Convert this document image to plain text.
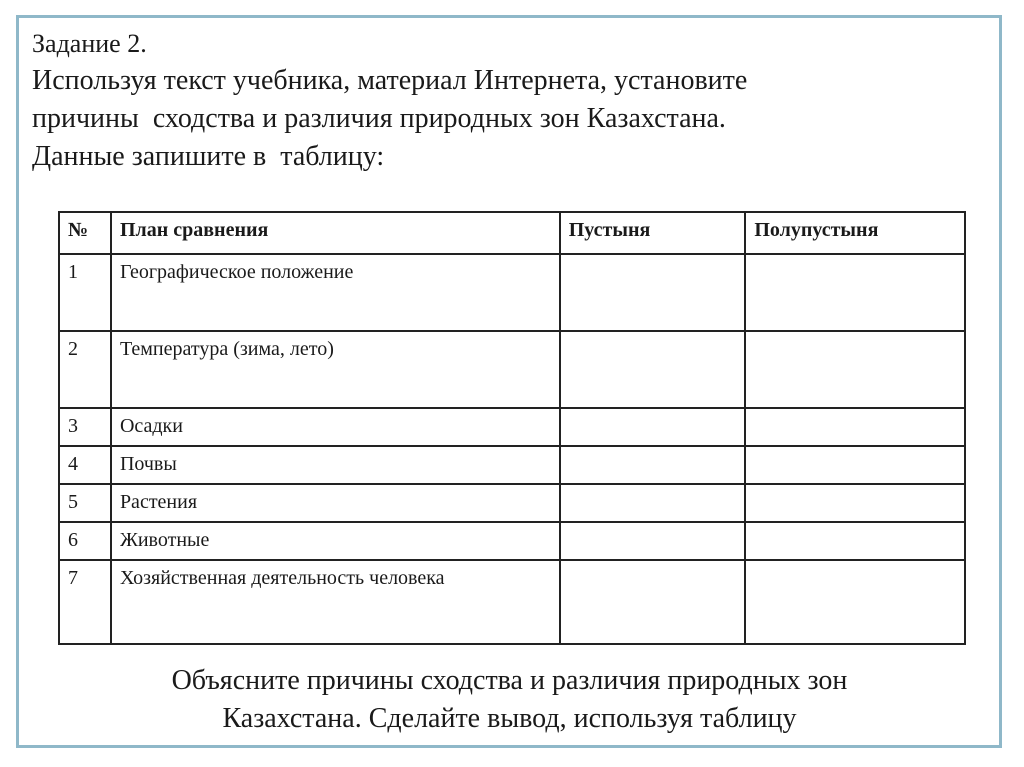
Задание 2.
Используя текст учебника, материал Интернета, установите
причины  сходства и различия природных зон Казахстана.
Данные запишите в  таблицу:
№	План сравнения	Пустыня	Полупустыня
1	Географическое положение		
2	Температура (зима, лето)		
3	Осадки		
4	Почвы		
5	Растения		
6	Животные		
7	Хозяйственная деятельность человека		
Объясните причины сходства и различия природных зон
Казахстана. Сделайте вывод, используя таблицу
